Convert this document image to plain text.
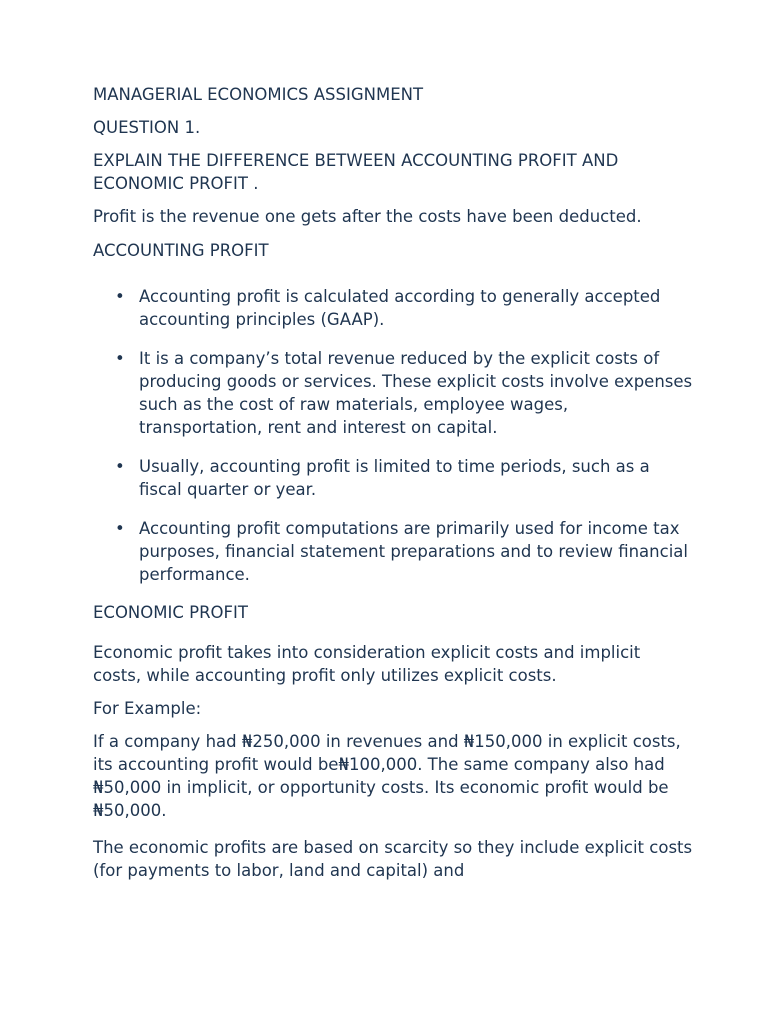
MANAGERIAL ECONOMICS ASSIGNMENT

QUESTION 1.

EXPLAIN THE DIFFERENCE BETWEEN ACCOUNTING PROFIT AND ECONOMIC PROFIT .

Profit is the revenue one gets after the costs have been deducted.

ACCOUNTING PROFIT

• Accounting profit is calculated according to generally accepted accounting principles (GAAP).
• It is a company’s total revenue reduced by the explicit costs of producing goods or services. These explicit costs involve expenses such as the cost of raw materials, employee wages, transportation, rent and interest on capital.
• Usually, accounting profit is limited to time periods, such as a fiscal quarter or year.
• Accounting profit computations are primarily used for income tax purposes, financial statement preparations and to review financial performance.

ECONOMIC PROFIT

Economic profit takes into consideration explicit costs and implicit costs, while accounting profit only utilizes explicit costs.

For Example:

If a company had ₦250,000 in revenues and ₦150,000 in explicit costs, its accounting profit would be₦100,000. The same company also had ₦50,000 in implicit, or opportunity costs. Its economic profit would be ₦50,000.

The economic profits are based on scarcity so they include explicit costs (for payments to labor, land and capital) and
